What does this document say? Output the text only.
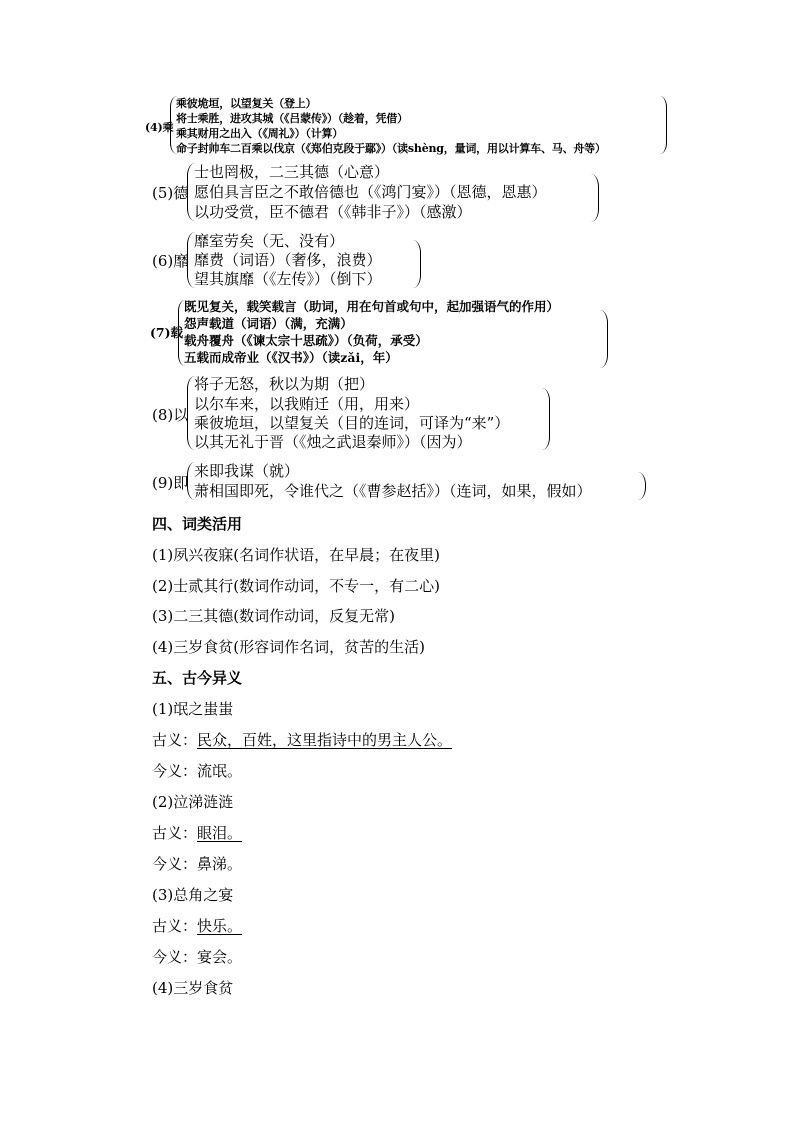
(4)乘
乘彼垝垣，以望复关（登上）
将士乘胜，进攻其城（《吕蒙传》）（趁着，凭借）
乘其财用之出入（《周礼》）（计算）
命子封帅车二百乘以伐京（《郑伯克段于鄢》）（读shèng，量词，用以计算车、马、舟等）
(5)德
士也罔极，二三其德（心意）
愿伯具言臣之不敢倍德也（《鸿门宴》）（恩德，恩惠）
以功受赏，臣不德君（《韩非子》）（感激）
(6)靡
靡室劳矣（无、没有）
靡费（词语）（奢侈，浪费）
望其旗靡（《左传》）（倒下）
(7)载
既见复关，载笑载言（助词，用在句首或句中，起加强语气的作用）
怨声载道（词语）（满，充满）
载舟覆舟（《谏太宗十思疏》）（负荷，承受）
五载而成帝业（《汉书》）（读zǎi，年）
(8)以
将子无怒，秋以为期（把）
以尔车来，以我贿迁（用，用来）
乘彼垝垣，以望复关（目的连词，可译为“来”）
以其无礼于晋（《烛之武退秦师》）（因为）
(9)即
来即我谋（就）
萧相国即死，令谁代之（《曹参赵括》）（连词，如果，假如）
四、词类活用
(1)夙兴夜寐(名词作状语，在早晨；在夜里)
(2)士贰其行(数词作动词，不专一，有二心)
(3)二三其德(数词作动词，反复无常)
(4)三岁食贫(形容词作名词，贫苦的生活)
五、古今异义
(1)氓之蚩蚩
古义：民众，百姓，这里指诗中的男主人公。
今义：流氓。
(2)泣涕涟涟
古义：眼泪。
今义：鼻涕。
(3)总角之宴
古义：快乐。
今义：宴会。
(4)三岁食贫
